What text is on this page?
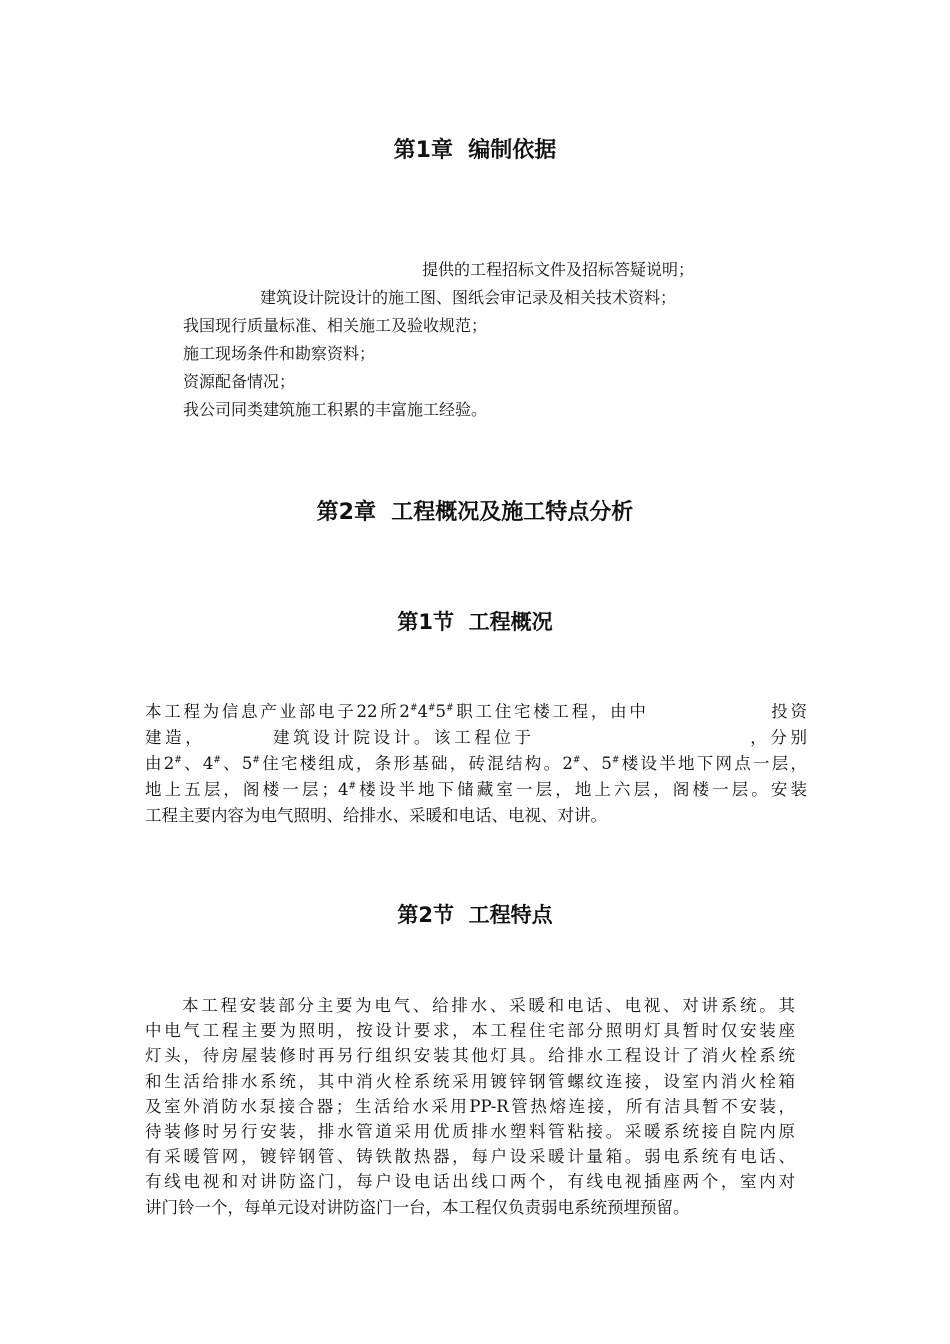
第1章  编制依据

提供的工程招标文件及招标答疑说明；

建筑设计院设计的施工图、图纸会审记录及相关技术资料；

我国现行质量标准、相关施工及验收规范；

施工现场条件和勘察资料；

资源配备情况；

我公司同类建筑施工积累的丰富施工经验。

第2章  工程概况及施工特点分析
第1节  工程概况
本工程为信息产业部电子22所2#4#5#职工住宅楼工程，由中	投资
建造，	建筑设计院设计。该工程位于	，分别
由2#、4#、5#住宅楼组成，条形基础，砖混结构。2#、5#楼设半地下网点一层，
地上五层，阁楼一层；4#楼设半地下储藏室一层，地上六层，阁楼一层。安装
工程主要内容为电气照明、给排水、采暖和电话、电视、对讲。
第2节  工程特点
本工程安装部分主要为电气、给排水、采暖和电话、电视、对讲系统。其
中电气工程主要为照明，按设计要求，本工程住宅部分照明灯具暂时仅安装座
灯头，待房屋装修时再另行组织安装其他灯具。给排水工程设计了消火栓系统
和生活给排水系统，其中消火栓系统采用镀锌钢管螺纹连接，设室内消火栓箱
及室外消防水泵接合器；生活给水采用PP-R管热熔连接，所有洁具暂不安装，
待装修时另行安装，排水管道采用优质排水塑料管粘接。采暖系统接自院内原
有采暖管网，镀锌钢管、铸铁散热器，每户设采暖计量箱。弱电系统有电话、
有线电视和对讲防盗门，每户设电话出线口两个，有线电视插座两个，室内对
讲门铃一个，每单元设对讲防盗门一台，本工程仅负责弱电系统预埋预留。
